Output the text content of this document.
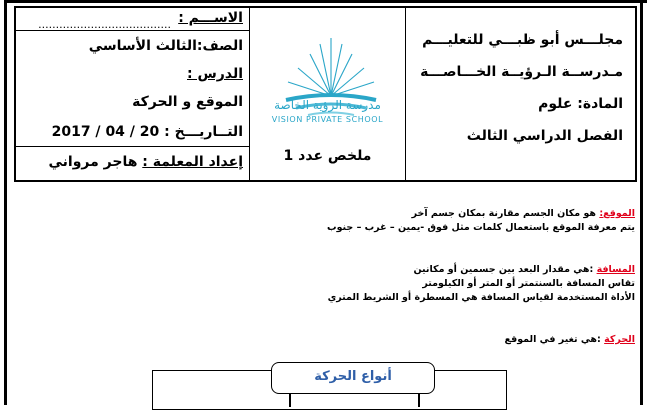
مجلـــس أبو ظبـــي للتعليـــم
مـدرســة الـرؤيــة الخـــاصـــة
المادة: علوم
الفصل الدراسي الثالث
مدرسة الرؤية الخاصة
VISION PRIVATE SCHOOL
ملخص عدد 1
الاســـم :
......................................
الصف:الثالث الأساسي
الدرس :
الموقع و الحركة
التــاريـــخ : 20 / 04 / 2017
إعداد المعلمة : هاجر مرواني
الموقع: هو مكان الجسم مقارنة بمكان جسم آخر
يتم معرفة الموقع باستعمال كلمات مثل فوق -يمين – غرب – جنوب
المسافة :هي مقدار البعد بين جسمين أو مكانين
تقاس المسافة بالسنتمتر أو المتر أو الكيلومتر
الأداة المستخدمة لقياس المسافة هي المسطرة أو الشريط المتري
الحركة :هي تغير في الموقع
أنواع الحركة
